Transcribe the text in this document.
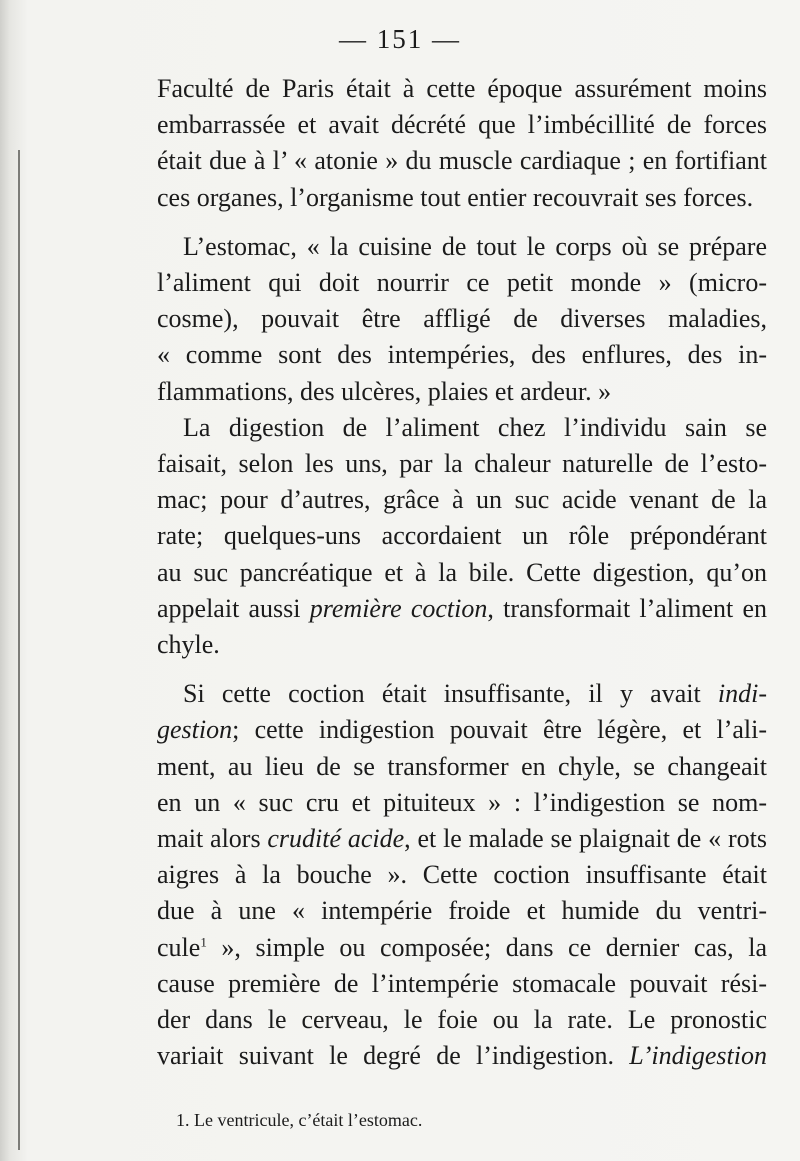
— 151 —

Faculté de Paris était à cette époque assurément moins
embarrassée et avait décrété que l’imbécillité de forces
était due à l’ « atonie » du muscle cardiaque ; en fortifiant
ces organes, l’organisme tout entier recouvrait ses forces.

L’estomac, « la cuisine de tout le corps où se prépare
l’aliment qui doit nourrir ce petit monde » (micro-
cosme), pouvait être affligé de diverses maladies,
« comme sont des intempéries, des enflures, des in-
flammations, des ulcères, plaies et ardeur. »

La digestion de l’aliment chez l’individu sain se
faisait, selon les uns, par la chaleur naturelle de l’esto-
mac; pour d’autres, grâce à un suc acide venant de la
rate; quelques-uns accordaient un rôle prépondérant
au suc pancréatique et à la bile. Cette digestion, qu’on
appelait aussi première coction, transformait l’aliment en
chyle.

Si cette coction était insuffisante, il y avait indi-
gestion; cette indigestion pouvait être légère, et l’ali-
ment, au lieu de se transformer en chyle, se changeait
en un « suc cru et pituiteux » : l’indigestion se nom-
mait alors crudité acide, et le malade se plaignait de « rots
aigres à la bouche ». Cette coction insuffisante était
due à une « intempérie froide et humide du ventri-
cule$^1$ », simple ou composée; dans ce dernier cas, la
cause première de l’intempérie stomacale pouvait rési-
der dans le cerveau, le foie ou la rate. Le pronostic
variait suivant le degré de l’indigestion. L’indigestion

1. Le ventricule, c’était l’estomac.
